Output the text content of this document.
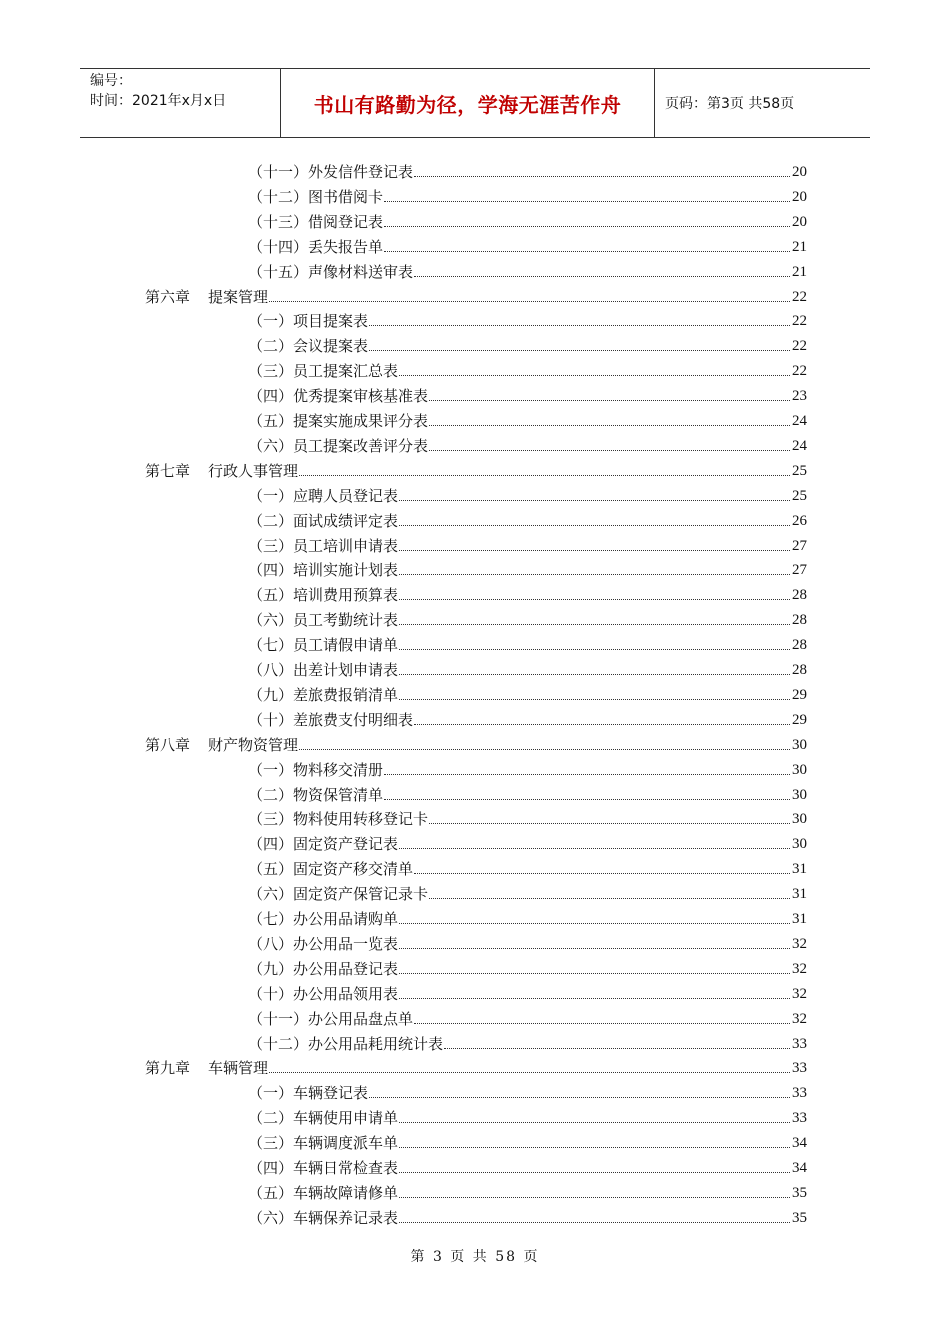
编号：
时间：2021年x月x日	书山有路勤为径，学海无涯苦作舟	页码：第3页 共58页
（十一）外发信件登记表	20
（十二）图书借阅卡	20
（十三）借阅登记表	20
（十四）丢失报告单	21
（十五）声像材料送审表	21
第六章 提案管理	22
（一）项目提案表	22
（二）会议提案表	22
（三）员工提案汇总表	22
（四）优秀提案审核基准表	23
（五）提案实施成果评分表	24
（六）员工提案改善评分表	24
第七章 行政人事管理	25
（一）应聘人员登记表	25
（二）面试成绩评定表	26
（三）员工培训申请表	27
（四）培训实施计划表	27
（五）培训费用预算表	28
（六）员工考勤统计表	28
（七）员工请假申请单	28
（八）出差计划申请表	28
（九）差旅费报销清单	29
（十）差旅费支付明细表	29
第八章 财产物资管理	30
（一）物料移交清册	30
（二）物资保管清单	30
（三）物料使用转移登记卡	30
（四）固定资产登记表	30
（五）固定资产移交清单	31
（六）固定资产保管记录卡	31
（七）办公用品请购单	31
（八）办公用品一览表	32
（九）办公用品登记表	32
（十）办公用品领用表	32
（十一）办公用品盘点单	32
（十二）办公用品耗用统计表	33
第九章 车辆管理	33
（一）车辆登记表	33
（二）车辆使用申请单	33
（三）车辆调度派车单	34
（四）车辆日常检查表	34
（五）车辆故障请修单	35
（六）车辆保养记录表	35
第 3 页 共 58 页
